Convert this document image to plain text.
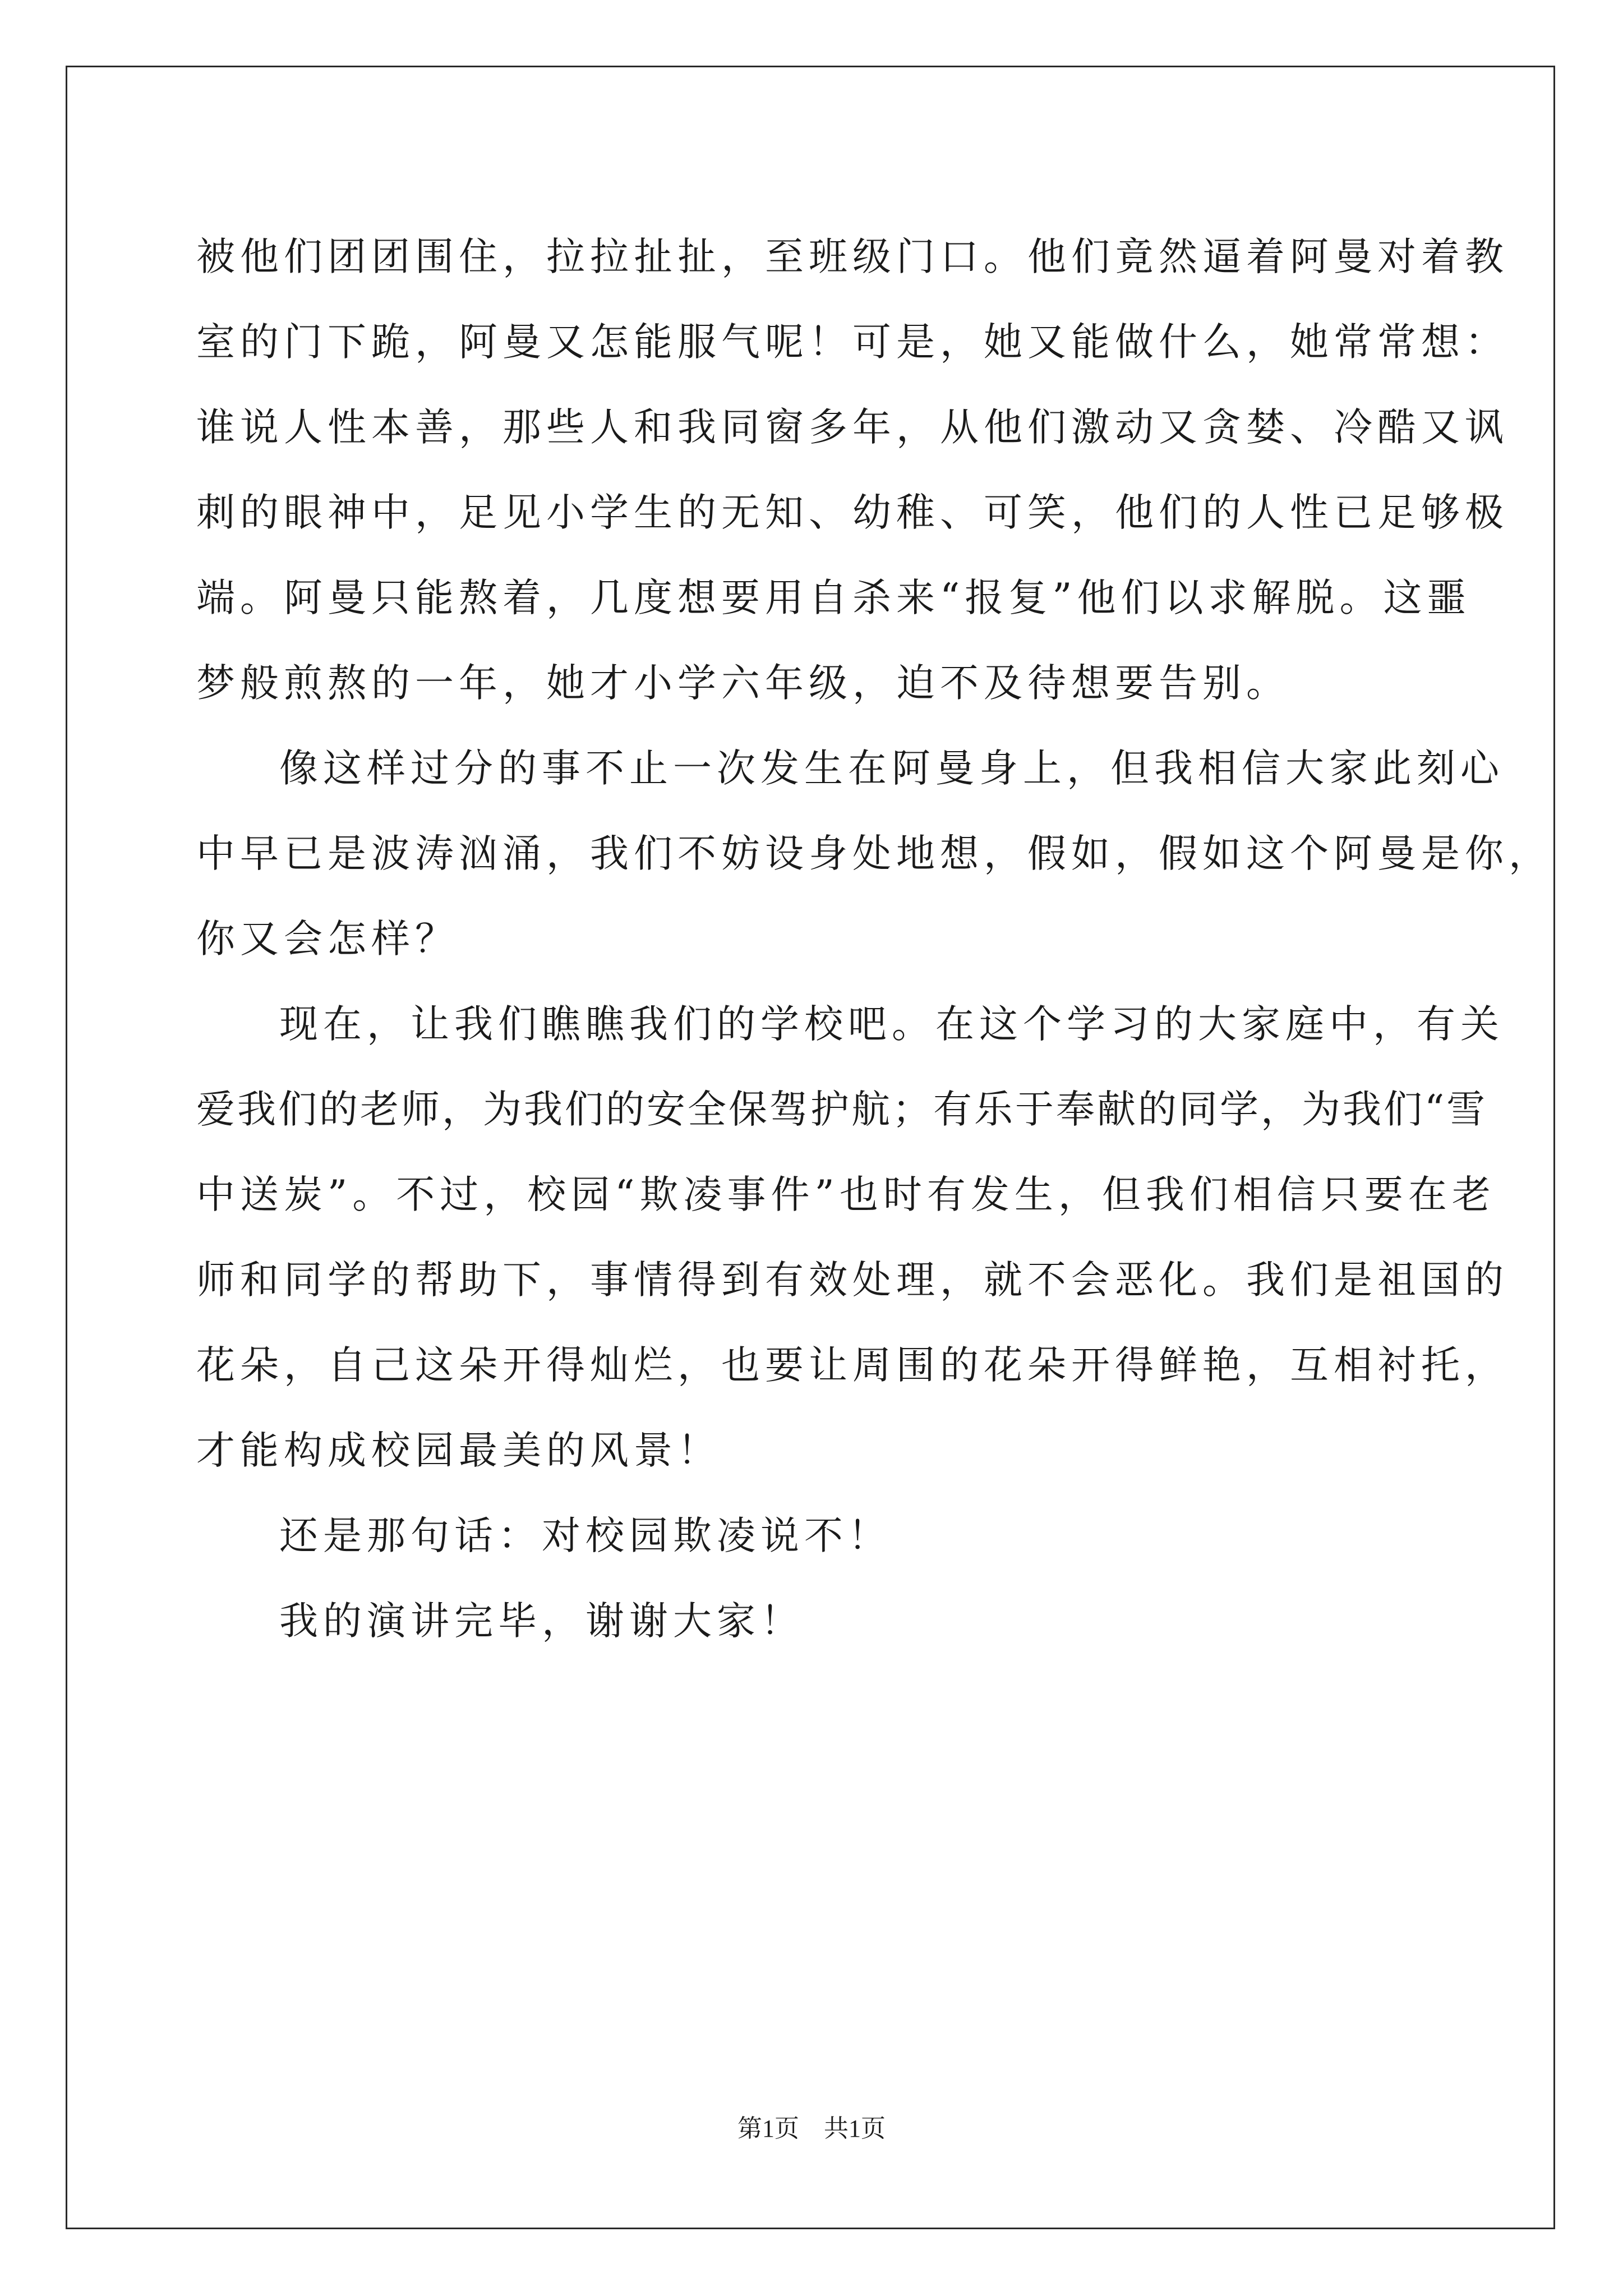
被他们团团围住，拉拉扯扯，至班级门口。他们竟然逼着阿曼对着教
室的门下跪，阿曼又怎能服气呢！可是，她又能做什么，她常常想：
谁说人性本善，那些人和我同窗多年，从他们激动又贪婪、冷酷又讽
刺的眼神中，足见小学生的无知、幼稚、可笑，他们的人性已足够极
端。阿曼只能熬着，几度想要用自杀来“报复”他们以求解脱。这噩
梦般煎熬的一年，她才小学六年级，迫不及待想要告别。
像这样过分的事不止一次发生在阿曼身上，但我相信大家此刻心
中早已是波涛汹涌，我们不妨设身处地想，假如，假如这个阿曼是你，
你又会怎样？
现在，让我们瞧瞧我们的学校吧。在这个学习的大家庭中，有关
爱我们的老师，为我们的安全保驾护航；有乐于奉献的同学，为我们“雪
中送炭”。不过，校园“欺凌事件”也时有发生，但我们相信只要在老
师和同学的帮助下，事情得到有效处理，就不会恶化。我们是祖国的
花朵，自己这朵开得灿烂，也要让周围的花朵开得鲜艳，互相衬托，
才能构成校园最美的风景！
还是那句话：对校园欺凌说不！
我的演讲完毕，谢谢大家！
第1页　共1页
